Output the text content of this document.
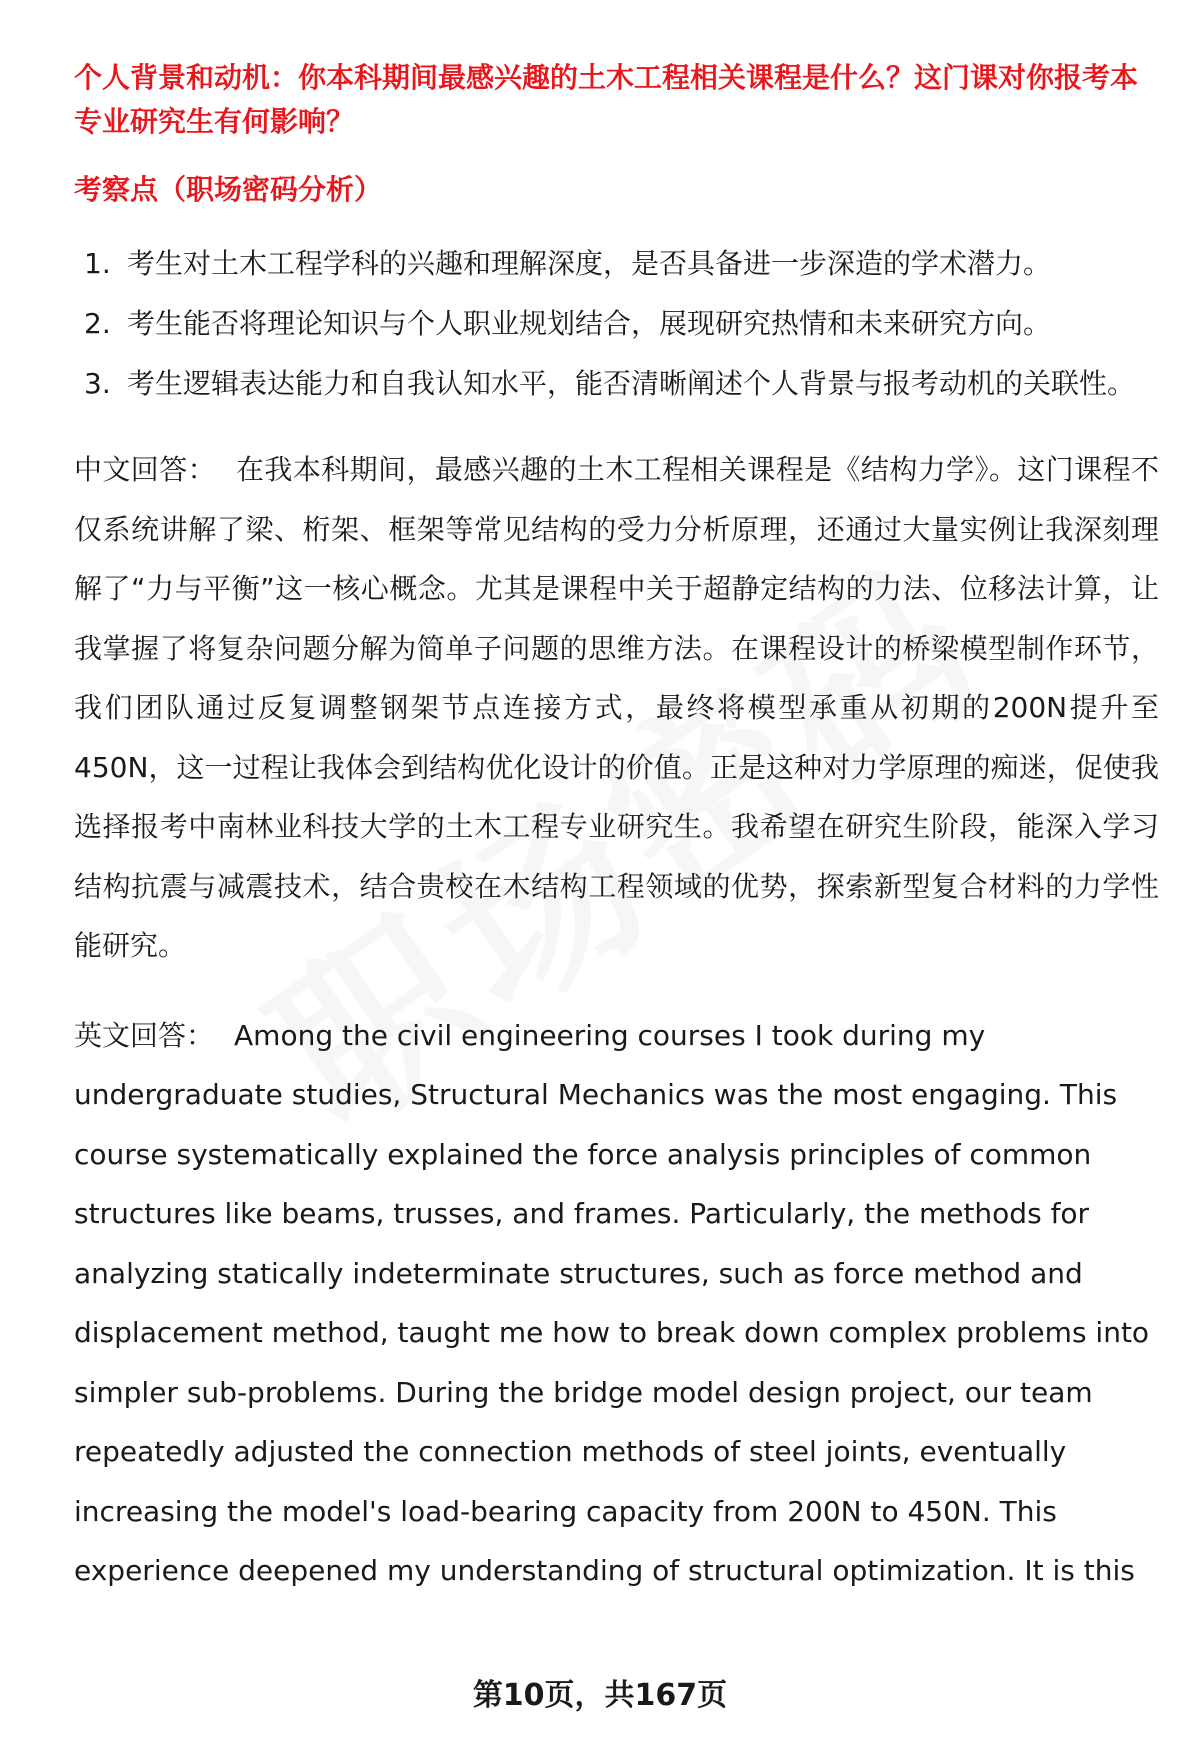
个人背景和动机：你本科期间最感兴趣的土木工程相关课程是什么？这门课对你报考本专业研究生有何影响？

考察点（职场密码分析）

1. 考生对土木工程学科的兴趣和理解深度，是否具备进一步深造的学术潜力。
2. 考生能否将理论知识与个人职业规划结合，展现研究热情和未来研究方向。
3. 考生逻辑表达能力和自我认知水平，能否清晰阐述个人背景与报考动机的关联性。

中文回答： 在我本科期间，最感兴趣的土木工程相关课程是《结构力学》。这门课程不仅系统讲解了梁、桁架、框架等常见结构的受力分析原理，还通过大量实例让我深刻理解了“力与平衡”这一核心概念。尤其是课程中关于超静定结构的力法、位移法计算，让我掌握了将复杂问题分解为简单子问题的思维方法。在课程设计的桥梁模型制作环节，我们团队通过反复调整钢架节点连接方式，最终将模型承重从初期的200N提升至450N，这一过程让我体会到结构优化设计的价值。正是这种对力学原理的痴迷，促使我选择报考中南林业科技大学的土木工程专业研究生。我希望在研究生阶段，能深入学习结构抗震与减震技术，结合贵校在木结构工程领域的优势，探索新型复合材料的力学性能研究。

英文回答： Among the civil engineering courses I took during my undergraduate studies, Structural Mechanics was the most engaging. This course systematically explained the force analysis principles of common structures like beams, trusses, and frames. Particularly, the methods for analyzing statically indeterminate structures, such as force method and displacement method, taught me how to break down complex problems into simpler sub-problems. During the bridge model design project, our team repeatedly adjusted the connection methods of steel joints, eventually increasing the model's load-bearing capacity from 200N to 450N. This experience deepened my understanding of structural optimization. It is this

第10页，共167页
